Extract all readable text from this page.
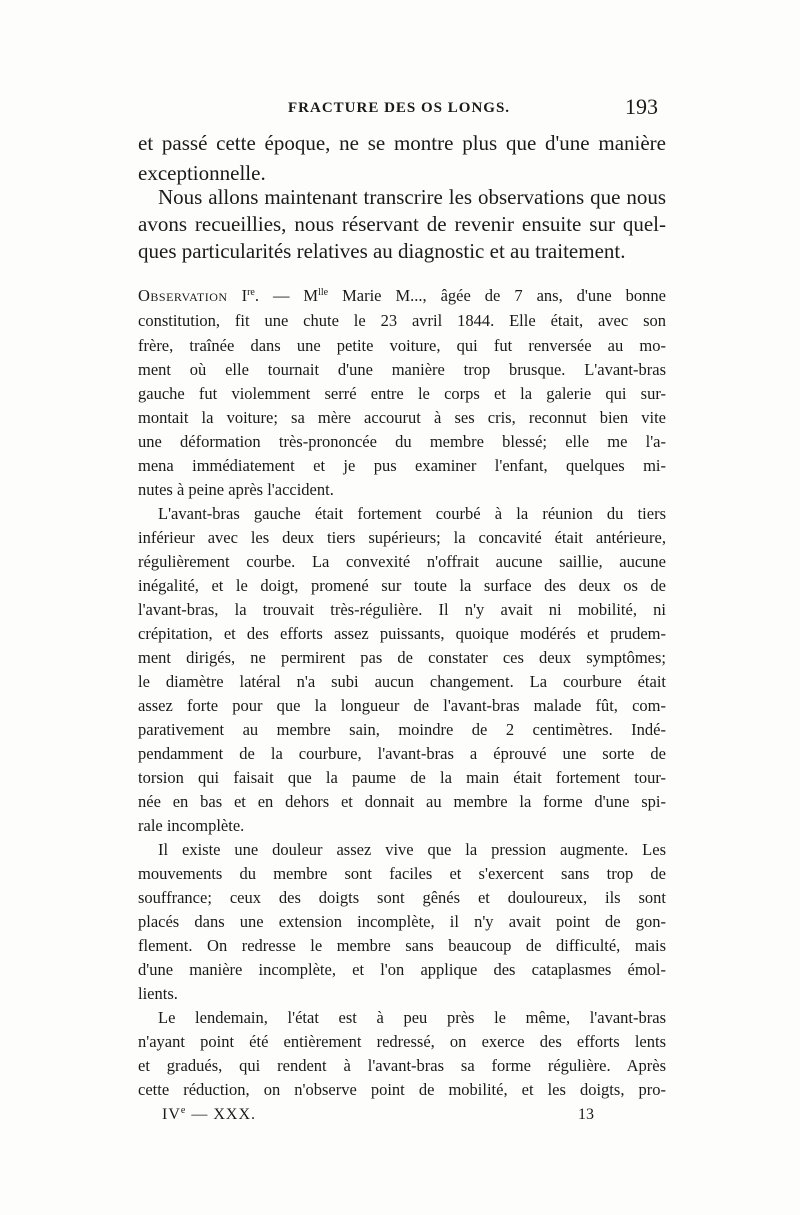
FRACTURE DES OS LONGS.	193
et passé cette époque, ne se montre plus que d'une manière
exceptionnelle.
Nous allons maintenant transcrire les observations que nous
avons recueillies, nous réservant de revenir ensuite sur quel-
ques particularités relatives au diagnostic et au traitement.
Observation Ire. — $M^{lle}$ Marie M..., âgée de 7 ans, d'une bonne
constitution, fit une chute le 23 avril 1844. Elle était, avec son
frère, traînée dans une petite voiture, qui fut renversée au mo-
ment où elle tournait d'une manière trop brusque. L'avant-bras
gauche fut violemment serré entre le corps et la galerie qui sur-
montait la voiture; sa mère accourut à ses cris, reconnut bien vite
une déformation très-prononcée du membre blessé; elle me l'a-
mena immédiatement et je pus examiner l'enfant, quelques mi-
nutes à peine après l'accident.
L'avant-bras gauche était fortement courbé à la réunion du tiers
inférieur avec les deux tiers supérieurs; la concavité était antérieure,
régulièrement courbe. La convexité n'offrait aucune saillie, aucune
inégalité, et le doigt, promené sur toute la surface des deux os de
l'avant-bras, la trouvait très-régulière. Il n'y avait ni mobilité, ni
crépitation, et des efforts assez puissants, quoique modérés et prudem-
ment dirigés, ne permirent pas de constater ces deux symptômes;
le diamètre latéral n'a subi aucun changement. La courbure était
assez forte pour que la longueur de l'avant-bras malade fût, com-
parativement au membre sain, moindre de 2 centimètres. Indé-
pendamment de la courbure, l'avant-bras a éprouvé une sorte de
torsion qui faisait que la paume de la main était fortement tour-
née en bas et en dehors et donnait au membre la forme d'une spi-
rale incomplète.
Il existe une douleur assez vive que la pression augmente. Les
mouvements du membre sont faciles et s'exercent sans trop de
souffrance; ceux des doigts sont gênés et douloureux, ils sont
placés dans une extension incomplète, il n'y avait point de gon-
flement. On redresse le membre sans beaucoup de difficulté, mais
d'une manière incomplète, et l'on applique des cataplasmes émol-
lients.
Le lendemain, l'état est à peu près le même, l'avant-bras
n'ayant point été entièrement redressé, on exerce des efforts lents
et gradués, qui rendent à l'avant-bras sa forme régulière. Après
cette réduction, on n'observe point de mobilité, et les doigts, pro-
IVe — XXX.	13
